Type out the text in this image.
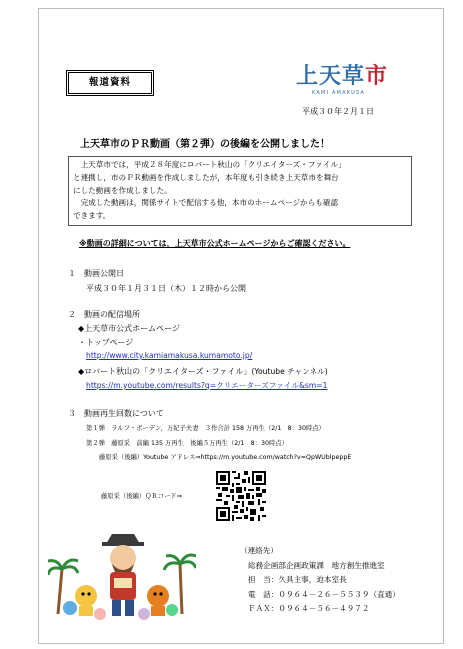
報道資料	上天草市
KAMI AMAKUSA
平成３０年２月１日
上天草市のＰＲ動画（第２弾）の後編を公開しました！

　上天草市では，平成２８年度にロバート秋山の「クリエイターズ・ファイル」

と連携し，市のＰＲ動画を作成しましたが，本年度も引き続き上天草市を舞台

にした動画を作成しました。

　完成した動画は，関係サイトで配信する他，本市のホームページからも確認

できます。

※動画の詳細については，上天草市公式ホームページからご確認ください。
１　動画公開日
平成３０年１月３１日（木）１２時から公開
２　動画の配信場所
◆上天草市公式ホームページ
・トップページ
http://www.city.kamiamakusa.kumamoto.jp/
◆ロバート秋山の「クリエイターズ・ファイル」(Youtube チャンネル)
https://m.youtube.com/results?q=クリエーターズファイル&sm=1
３　動画再生回数について
第１弾　ラルフ・ボーデン，万紀子夫妻　３作合計 158 万再生（2/1　8：30時点）
第２弾　藤原采　前編 135 万再生　後編５万再生（2/1　8：30時点）
藤原采（後編）Youtube アドレス⇒https://m.youtube.com/watch?v=QpWUblpeppE
藤原采（後編）ＱＲコード⇒
（連絡先）
総務企画部企画政策課　地方創生推進室
担　当：久具主事，迫本室長
電　話：０９６４－２６－５５３９（直通）
ＦＡＸ：０９６４－５６－４９７２
